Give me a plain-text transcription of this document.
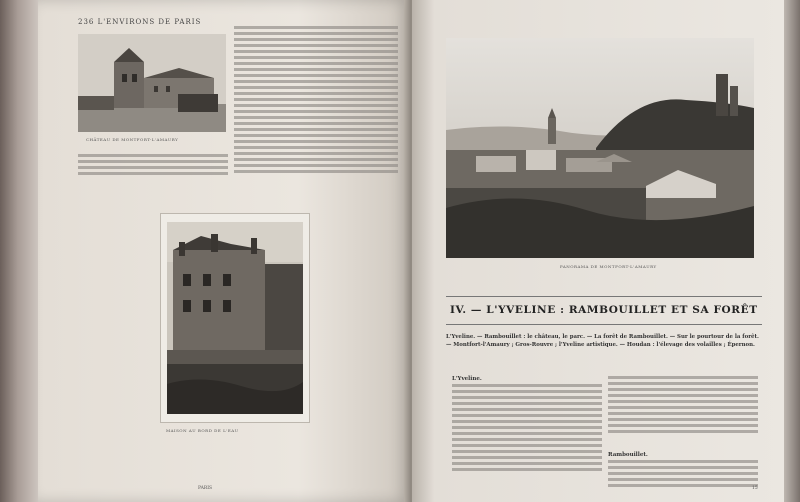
236 L'ENVIRONS DE PARIS
CHÂTEAU DE MONTFORT-L'AMAURY
MAISON AU BORD DE L'EAU
PARIS
PANORAMA DE MONTFORT-L'AMAURY
IV. — L'YVELINE : RAMBOUILLET ET SA FORÊT
L'Yveline. — Rambouillet : le château, le parc. — La forêt de Rambouillet. — Sur le pourtour de la forêt. — Montfort-l'Amaury ; Gros-Rouvre ; l'Yveline artistique. — Houdan : l'élevage des volailles ; Épernon.
L'Yveline.
Rambouillet.
15
